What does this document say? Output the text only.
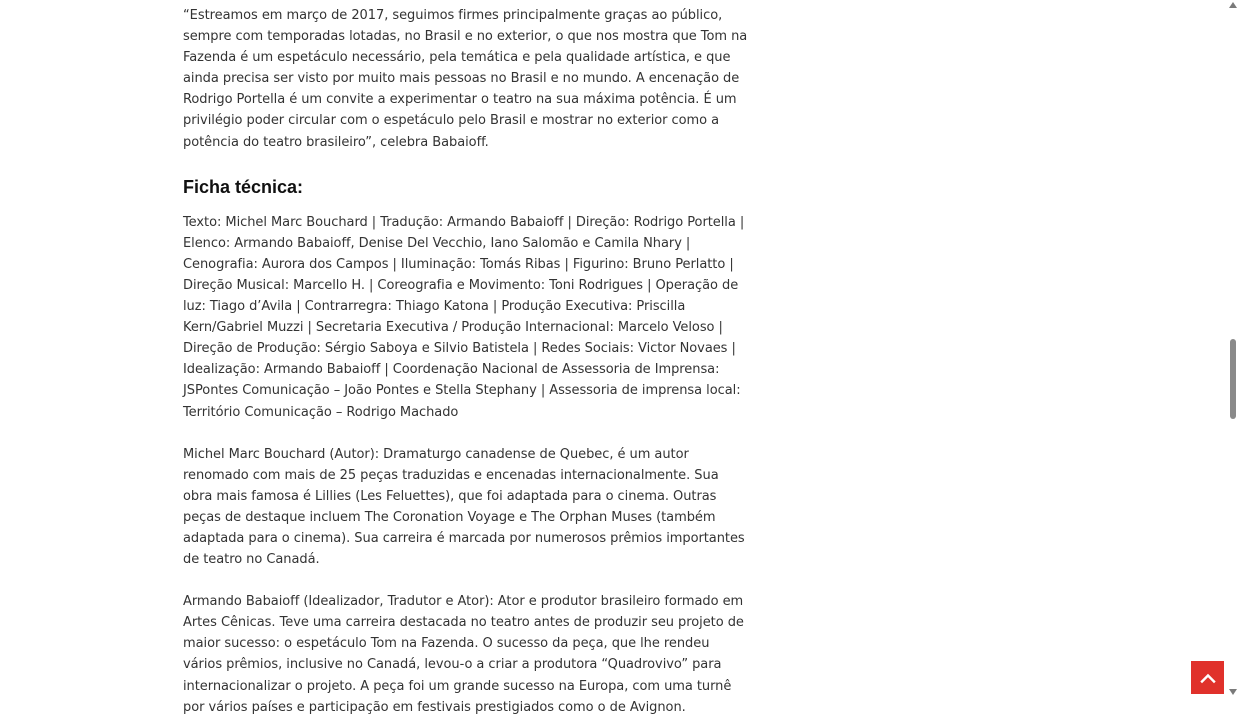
“Estreamos em março de 2017, seguimos firmes principalmente graças ao público, sempre com temporadas lotadas, no Brasil e no exterior, o que nos mostra que Tom na Fazenda é um espetáculo necessário, pela temática e pela qualidade artística, e que ainda precisa ser visto por muito mais pessoas no Brasil e no mundo. A encenação de Rodrigo Portella é um convite a experimentar o teatro na sua máxima potência. É um privilégio poder circular com o espetáculo pelo Brasil e mostrar no exterior como a potência do teatro brasileiro”, celebra Babaioff.

Ficha técnica:

Texto: Michel Marc Bouchard | Tradução: Armando Babaioff | Direção: Rodrigo Portella | Elenco: Armando Babaioff, Denise Del Vecchio, Iano Salomão e Camila Nhary | Cenografia: Aurora dos Campos | Iluminação: Tomás Ribas | Figurino: Bruno Perlatto | Direção Musical: Marcello H. | Coreografia e Movimento: Toni Rodrigues | Operação de luz: Tiago d’Avila | Contrarregra: Thiago Katona | Produção Executiva: Priscilla Kern/Gabriel Muzzi | Secretaria Executiva / Produção Internacional: Marcelo Veloso | Direção de Produção: Sérgio Saboya e Silvio Batistela | Redes Sociais: Victor Novaes | Idealização: Armando Babaioff | Coordenação Nacional de Assessoria de Imprensa: JSPontes Comunicação – João Pontes e Stella Stephany | Assessoria de imprensa local: Território Comunicação – Rodrigo Machado

Michel Marc Bouchard (Autor): Dramaturgo canadense de Quebec, é um autor renomado com mais de 25 peças traduzidas e encenadas internacionalmente. Sua obra mais famosa é Lillies (Les Feluettes), que foi adaptada para o cinema. Outras peças de destaque incluem The Coronation Voyage e The Orphan Muses (também adaptada para o cinema). Sua carreira é marcada por numerosos prêmios importantes de teatro no Canadá.

Armando Babaioff (Idealizador, Tradutor e Ator): Ator e produtor brasileiro formado em Artes Cênicas. Teve uma carreira destacada no teatro antes de produzir seu projeto de maior sucesso: o espetáculo Tom na Fazenda. O sucesso da peça, que lhe rendeu vários prêmios, inclusive no Canadá, levou-o a criar a produtora “Quadrovivo” para internacionalizar o projeto. A peça foi um grande sucesso na Europa, com uma turnê por vários países e participação em festivais prestigiados como o de Avignon.
